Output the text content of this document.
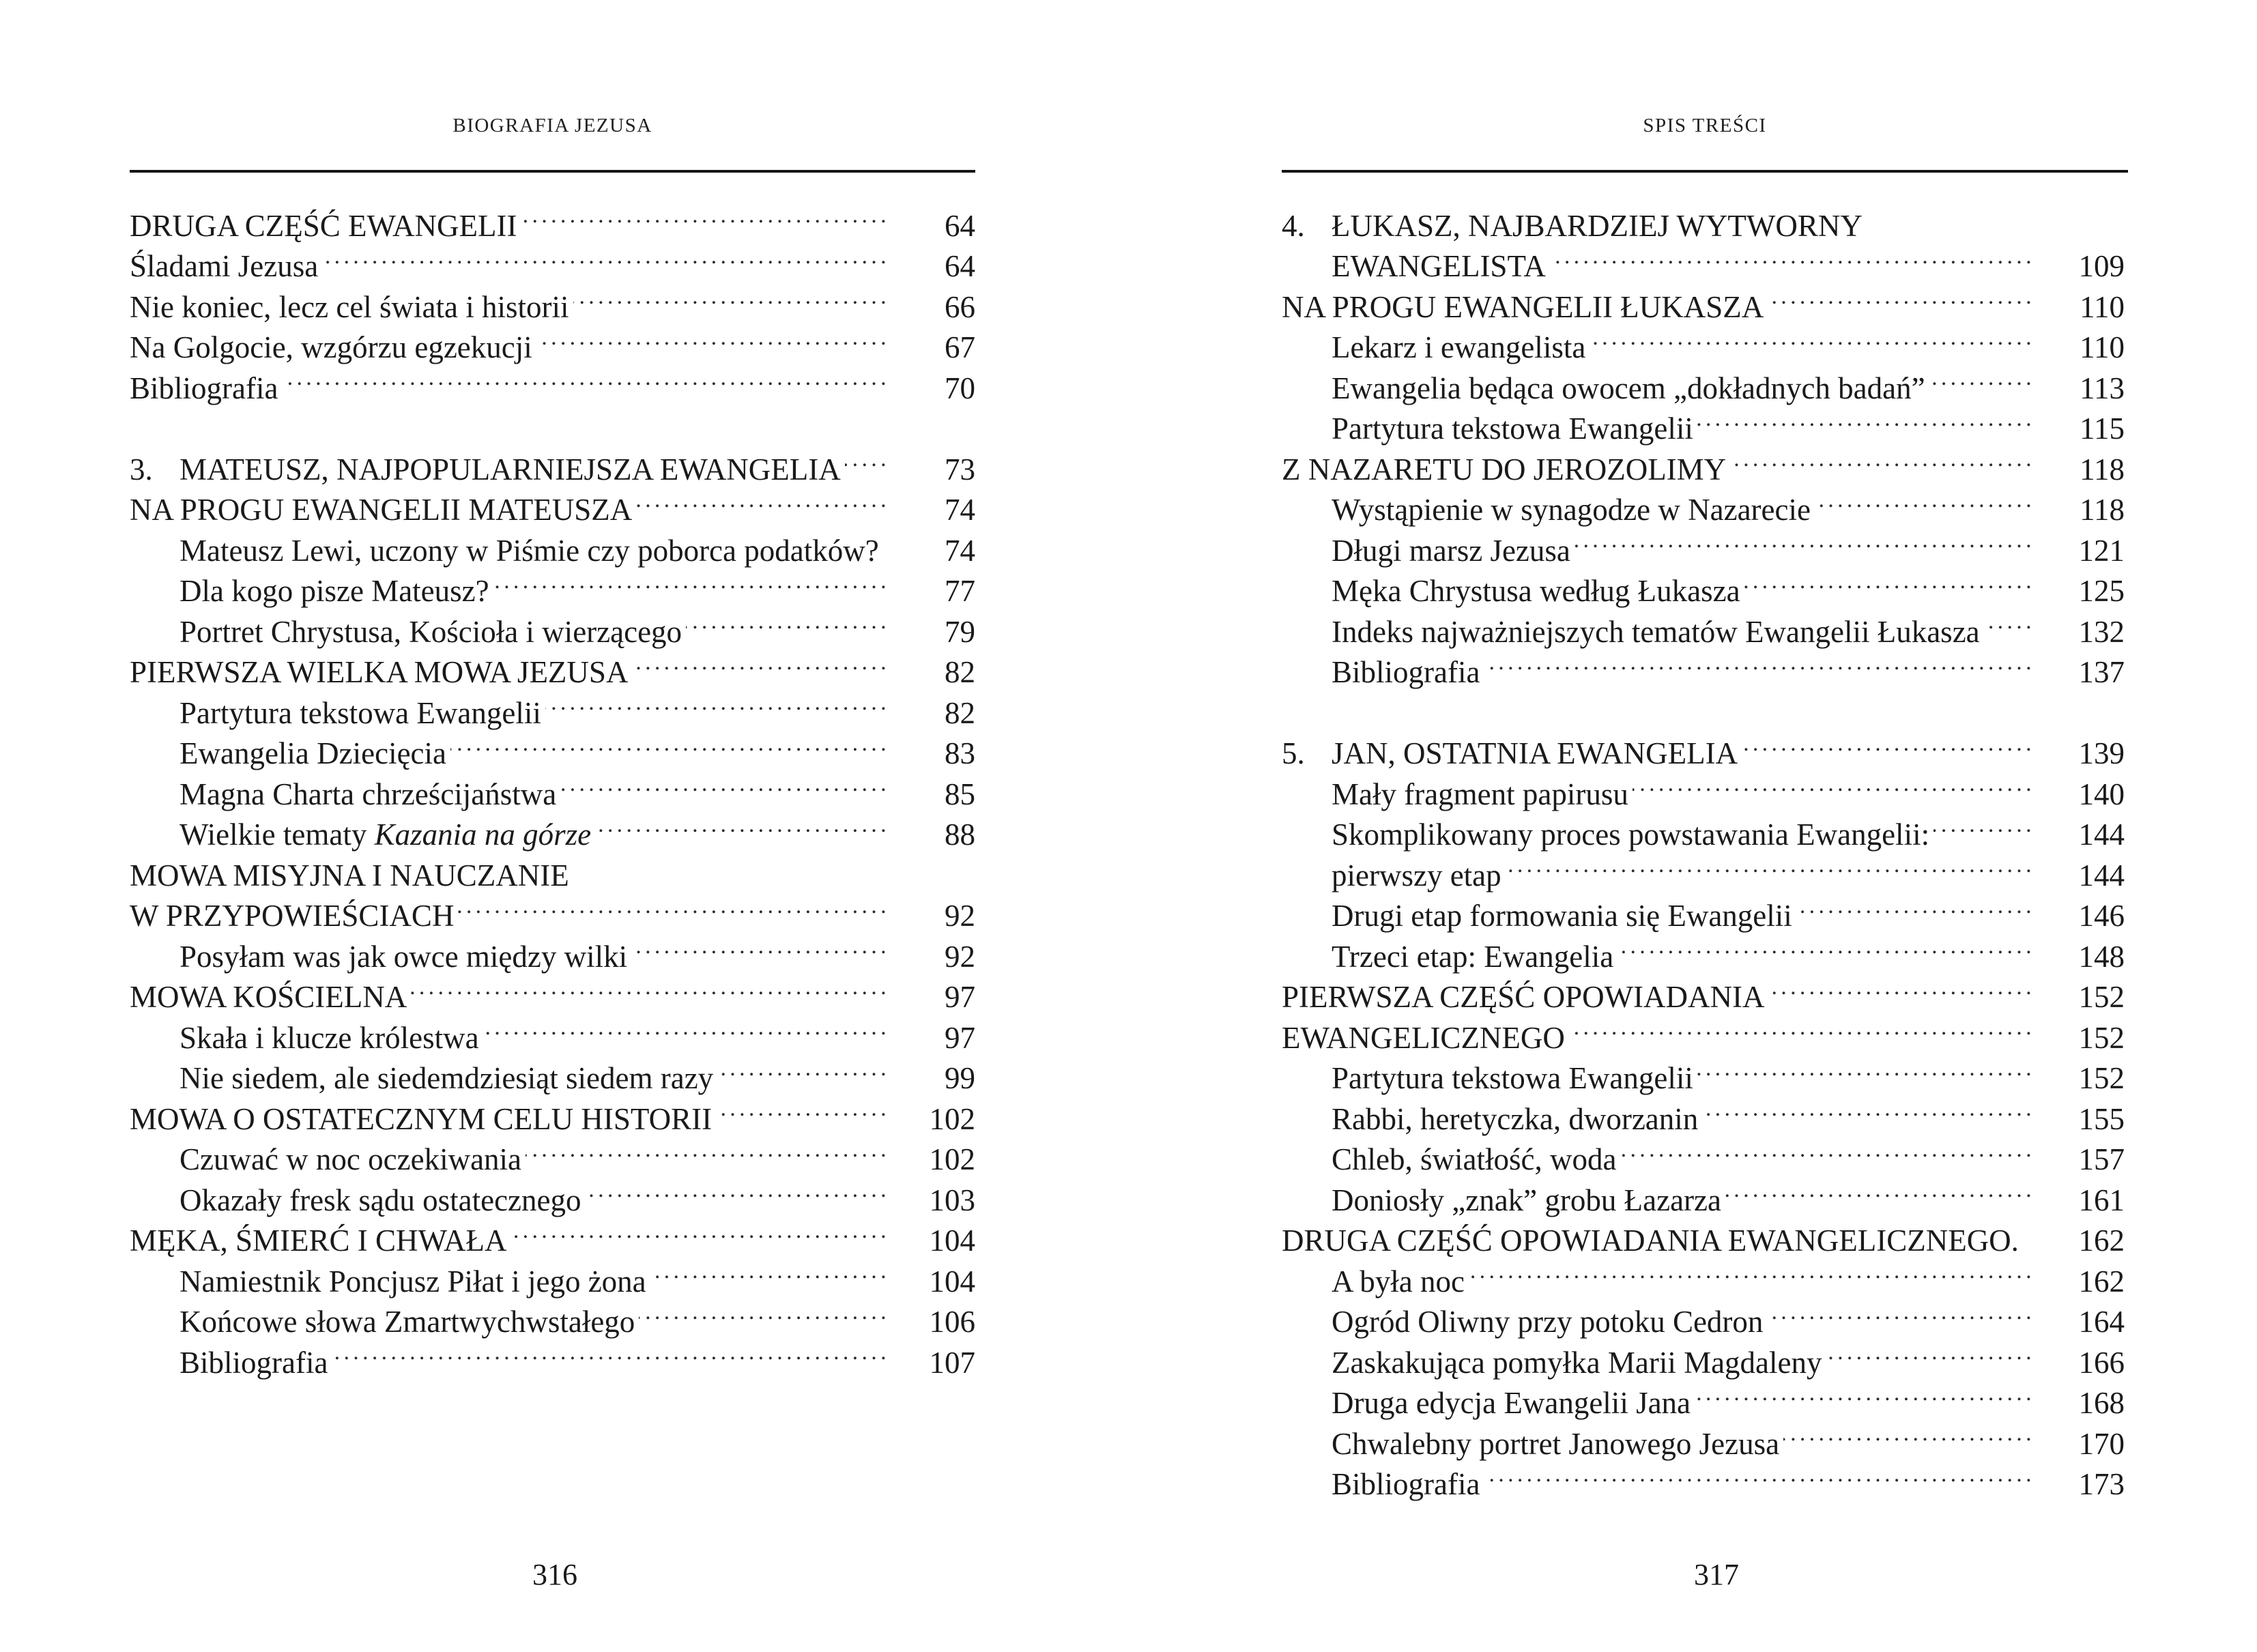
BIOGRAFIA JEZUSA
DRUGA CZĘŚĆ EWANGELII . . .	64
Śladami Jezusa . . .	64
Nie koniec, lecz cel świata i historii . . .	66
Na Golgocie, wzgórzu egzekucji . . .	67
Bibliografia . . .	70
3. MATEUSZ, NAJPOPULARNIEJSZA EWANGELIA . . .	73
NA PROGU EWANGELII MATEUSZA . . .	74
Mateusz Lewi, uczony w Piśmie czy poborca podatków?	74
Dla kogo pisze Mateusz? . . .	77
Portret Chrystusa, Kościoła i wierzącego . . .	79
PIERWSZA WIELKA MOWA JEZUSA . . .	82
Partytura tekstowa Ewangelii . . .	82
Ewangelia Dziecięcia . . .	83
Magna Charta chrześcijaństwa . . .	85
Wielkie tematy Kazania na górze . . .	88
MOWA MISYJNA I NAUCZANIE
W PRZYPOWIEŚCIACH . . .	92
Posyłam was jak owce między wilki . . .	92
MOWA KOŚCIELNA . . .	97
Skała i klucze królestwa . . .	97
Nie siedem, ale siedemdziesiąt siedem razy . . .	99
MOWA O OSTATECZNYM CELU HISTORII . . .	102
Czuwać w noc oczekiwania . . .	102
Okazały fresk sądu ostatecznego . . .	103
MĘKA, ŚMIERĆ I CHWAŁA . . .	104
Namiestnik Poncjusz Piłat i jego żona . . .	104
Końcowe słowa Zmartwychwstałego . . .	106
Bibliografia . . .	107
SPIS TREŚCI
4. ŁUKASZ, NAJBARDZIEJ WYTWORNY
EWANGELISTA . . .	109
NA PROGU EWANGELII ŁUKASZA . . .	110
Lekarz i ewangelista . . .	110
Ewangelia będąca owocem „dokładnych badań” . . .	113
Partytura tekstowa Ewangelii . . .	115
Z NAZARETU DO JEROZOLIMY . . .	118
Wystąpienie w synagodze w Nazarecie . . .	118
Długi marsz Jezusa . . .	121
Męka Chrystusa według Łukasza . . .	125
Indeks najważniejszych tematów Ewangelii Łukasza . . .	132
Bibliografia . . .	137
5. JAN, OSTATNIA EWANGELIA . . .	139
Mały fragment papirusu . . .	140
Skomplikowany proces powstawania Ewangelii: . . .	144
pierwszy etap . . .	144
Drugi etap formowania się Ewangelii . . .	146
Trzeci etap: Ewangelia . . .	148
PIERWSZA CZĘŚĆ OPOWIADANIA . . .	152
EWANGELICZNEGO . . .	152
Partytura tekstowa Ewangelii . . .	152
Rabbi, heretyczka, dworzanin . . .	155
Chleb, światłość, woda . . .	157
Doniosły „znak” grobu Łazarza . . .	161
DRUGA CZĘŚĆ OPOWIADANIA EWANGELICZNEGO.	162
A była noc . . .	162
Ogród Oliwny przy potoku Cedron . . .	164
Zaskakująca pomyłka Marii Magdaleny . . .	166
Druga edycja Ewangelii Jana . . .	168
Chwalebny portret Janowego Jezusa . . .	170
Bibliografia . . .	173
316	317
